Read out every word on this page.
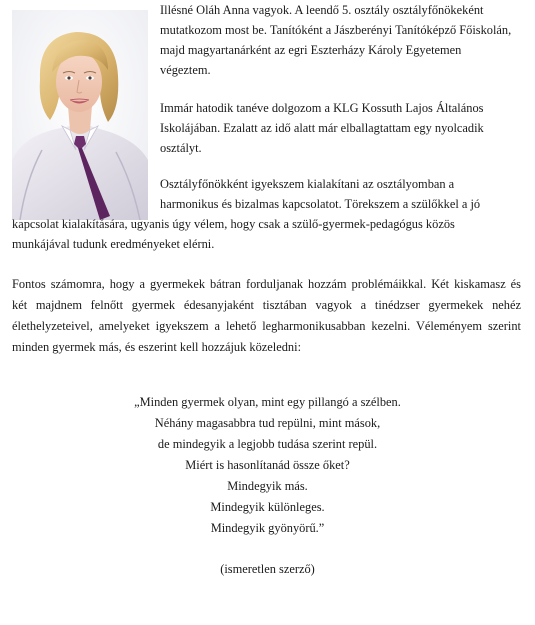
Illésné Oláh Anna vagyok. A leendő 5. osztály osztályfőnökeként

mutatkozom most be. Tanítóként a Jászberényi Tanítóképző Főiskolán,

majd magyartanárként az egri Eszterházy Károly Egyetemen

végeztem.

Immár hatodik tanéve dolgozom a KLG Kossuth Lajos Általános

Iskolájában. Ezalatt az idő alatt már elballagtattam egy nyolcadik

osztályt.

Osztályfőnökként igyekszem kialakítani az osztályomban a

harmonikus és bizalmas kapcsolatot. Törekszem a szülőkkel a jó

kapcsolat kialakítására, ugyanis úgy vélem, hogy csak a szülő-gyermek-pedagógus közös

munkájával tudunk eredményeket elérni.

Fontos számomra, hogy a gyermekek bátran forduljanak hozzám problémáikkal. Két kiskamasz és

két majdnem felnőtt gyermek édesanyjaként tisztában vagyok a tinédzser gyermekek nehéz

élethelyzeteivel, amelyeket igyekszem a lehető legharmonikusabban kezelni. Véleményem szerint

minden gyermek más, és eszerint kell hozzájuk közeledni:

„Minden gyermek olyan, mint egy pillangó a szélben.

Néhány magasabbra tud repülni, mint mások,

de mindegyik a legjobb tudása szerint repül.

Miért is hasonlítanád össze őket?

Mindegyik más.

Mindegyik különleges.

Mindegyik gyönyörű.”

(ismeretlen szerző)
